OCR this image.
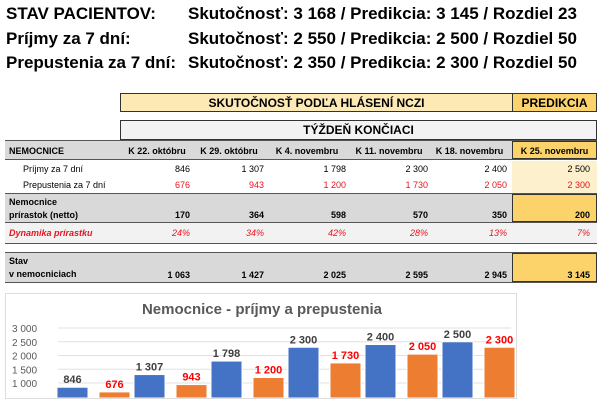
STAV PACIENTOV: Skutočnosť: 3 168 / Predikcia: 3 145 / Rozdiel 23
Príjmy za 7 dní:	Skutočnosť: 2 550 / Predikcia: 2 500 / Rozdiel 50
Prepustenia za 7 dní: Skutočnosť: 2 350 / Predikcia: 2 300 / Rozdiel 50
SKUTOČNOSŤ PODĽA HLÁSENÍ NCZI	PREDIKCIA
TÝŽDEŇ KONČIACI
NEMOCNICE	K 22. októbru	K 29. októbru	K 4. novembru	K 11. novembru	K 18. novembru	K 25. novembru
Príjmy za 7 dní	846	1 307	1 798	2 300	2 400	2 500
Prepustenia za 7 dní	676	943	1 200	1 730	2 050	2 300
Nemocnice
prírastok (netto)	170	364	598	570	350	200
Dynamika prírastku	24%	34%	42%	28%	13%	7%
Stav
v nemocniciach	1 063	1 427	2 025	2 595	2 945	3 145
Nemocnice - príjmy a prepustenia
3 000
2 500
2 000
1 500
1 000 846 676
1 307
943
1 798
1 200
2 300
1 730
2 400
2 050
2 500 2 300
